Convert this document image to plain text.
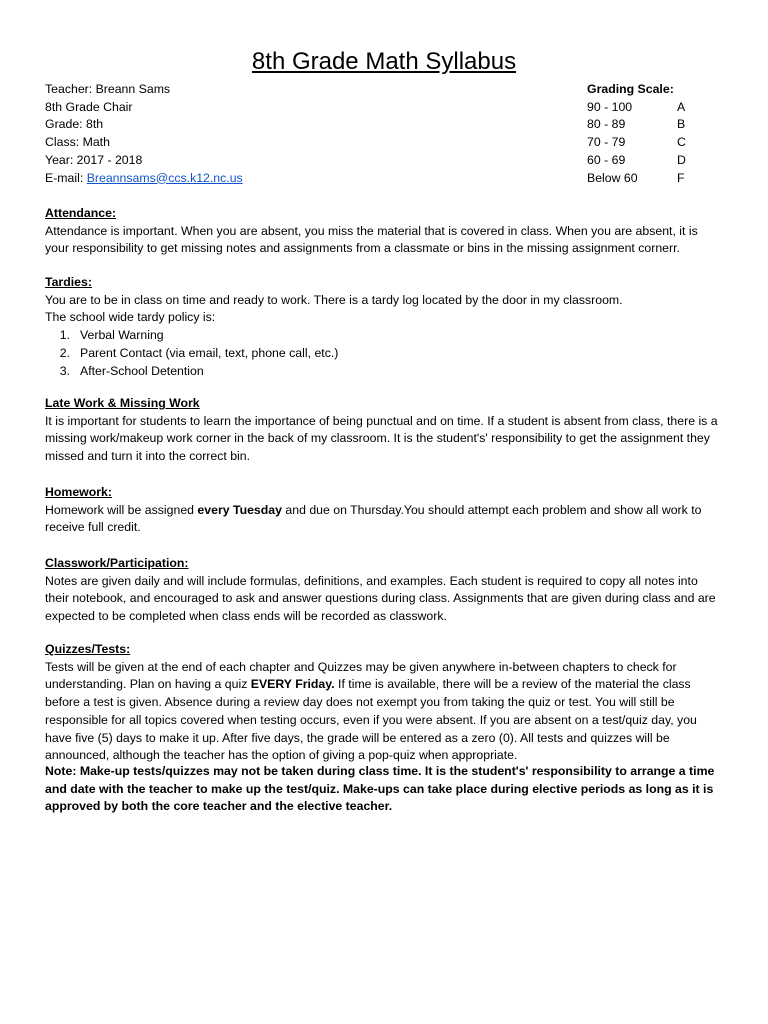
8th Grade Math Syllabus
Teacher: Breann Sams
8th Grade Chair
Grade: 8th
Class: Math
Year: 2017 - 2018
E-mail: Breannsams@ccs.k12.nc.us
Grading Scale:
90 - 100	A
80 - 89	B
70 - 79	C
60 - 69	D
Below 60	F
Attendance:

Attendance is important. When you are absent, you miss the material that is covered in class. When you are absent, it is your responsibility to get missing notes and assignments from a classmate or bins in the missing assignment cornerr.

Tardies:
You are to be in class on time and ready to work. There is a tardy log located by the door in my classroom.
The school wide tardy policy is:
1. Verbal Warning
2. Parent Contact (via email, text, phone call, etc.)
3. After-School Detention
Late Work & Missing Work

It is important for students to learn the importance of being punctual and on time. If a student is absent from class, there is a missing work/makeup work corner in the back of my classroom. It is the student's' responsibility to get the assignment they missed and turn it into the correct bin.

Homework:

Homework will be assigned every Tuesday and due on Thursday.You should attempt each problem and show all work to receive full credit.

Classwork/Participation:

Notes are given daily and will include formulas, definitions, and examples. Each student is required to copy all notes into their notebook, and encouraged to ask and answer questions during class. Assignments that are given during class and are expected to be completed when class ends will be recorded as classwork.

Quizzes/Tests:

Tests will be given at the end of each chapter and Quizzes may be given anywhere in-between chapters to check for understanding. Plan on having a quiz EVERY Friday. If time is available, there will be a review of the material the class before a test is given. Absence during a review day does not exempt you from taking the quiz or test. You will still be responsible for all topics covered when testing occurs, even if you were absent. If you are absent on a test/quiz day, you have five (5) days to make it up. After five days, the grade will be entered as a zero (0). All tests and quizzes will be announced, although the teacher has the option of giving a pop-quiz when appropriate.

Note: Make-up tests/quizzes may not be taken during class time. It is the student's' responsibility to arrange a time and date with the teacher to make up the test/quiz. Make-ups can take place during elective periods as long as it is approved by both the core teacher and the elective teacher.
